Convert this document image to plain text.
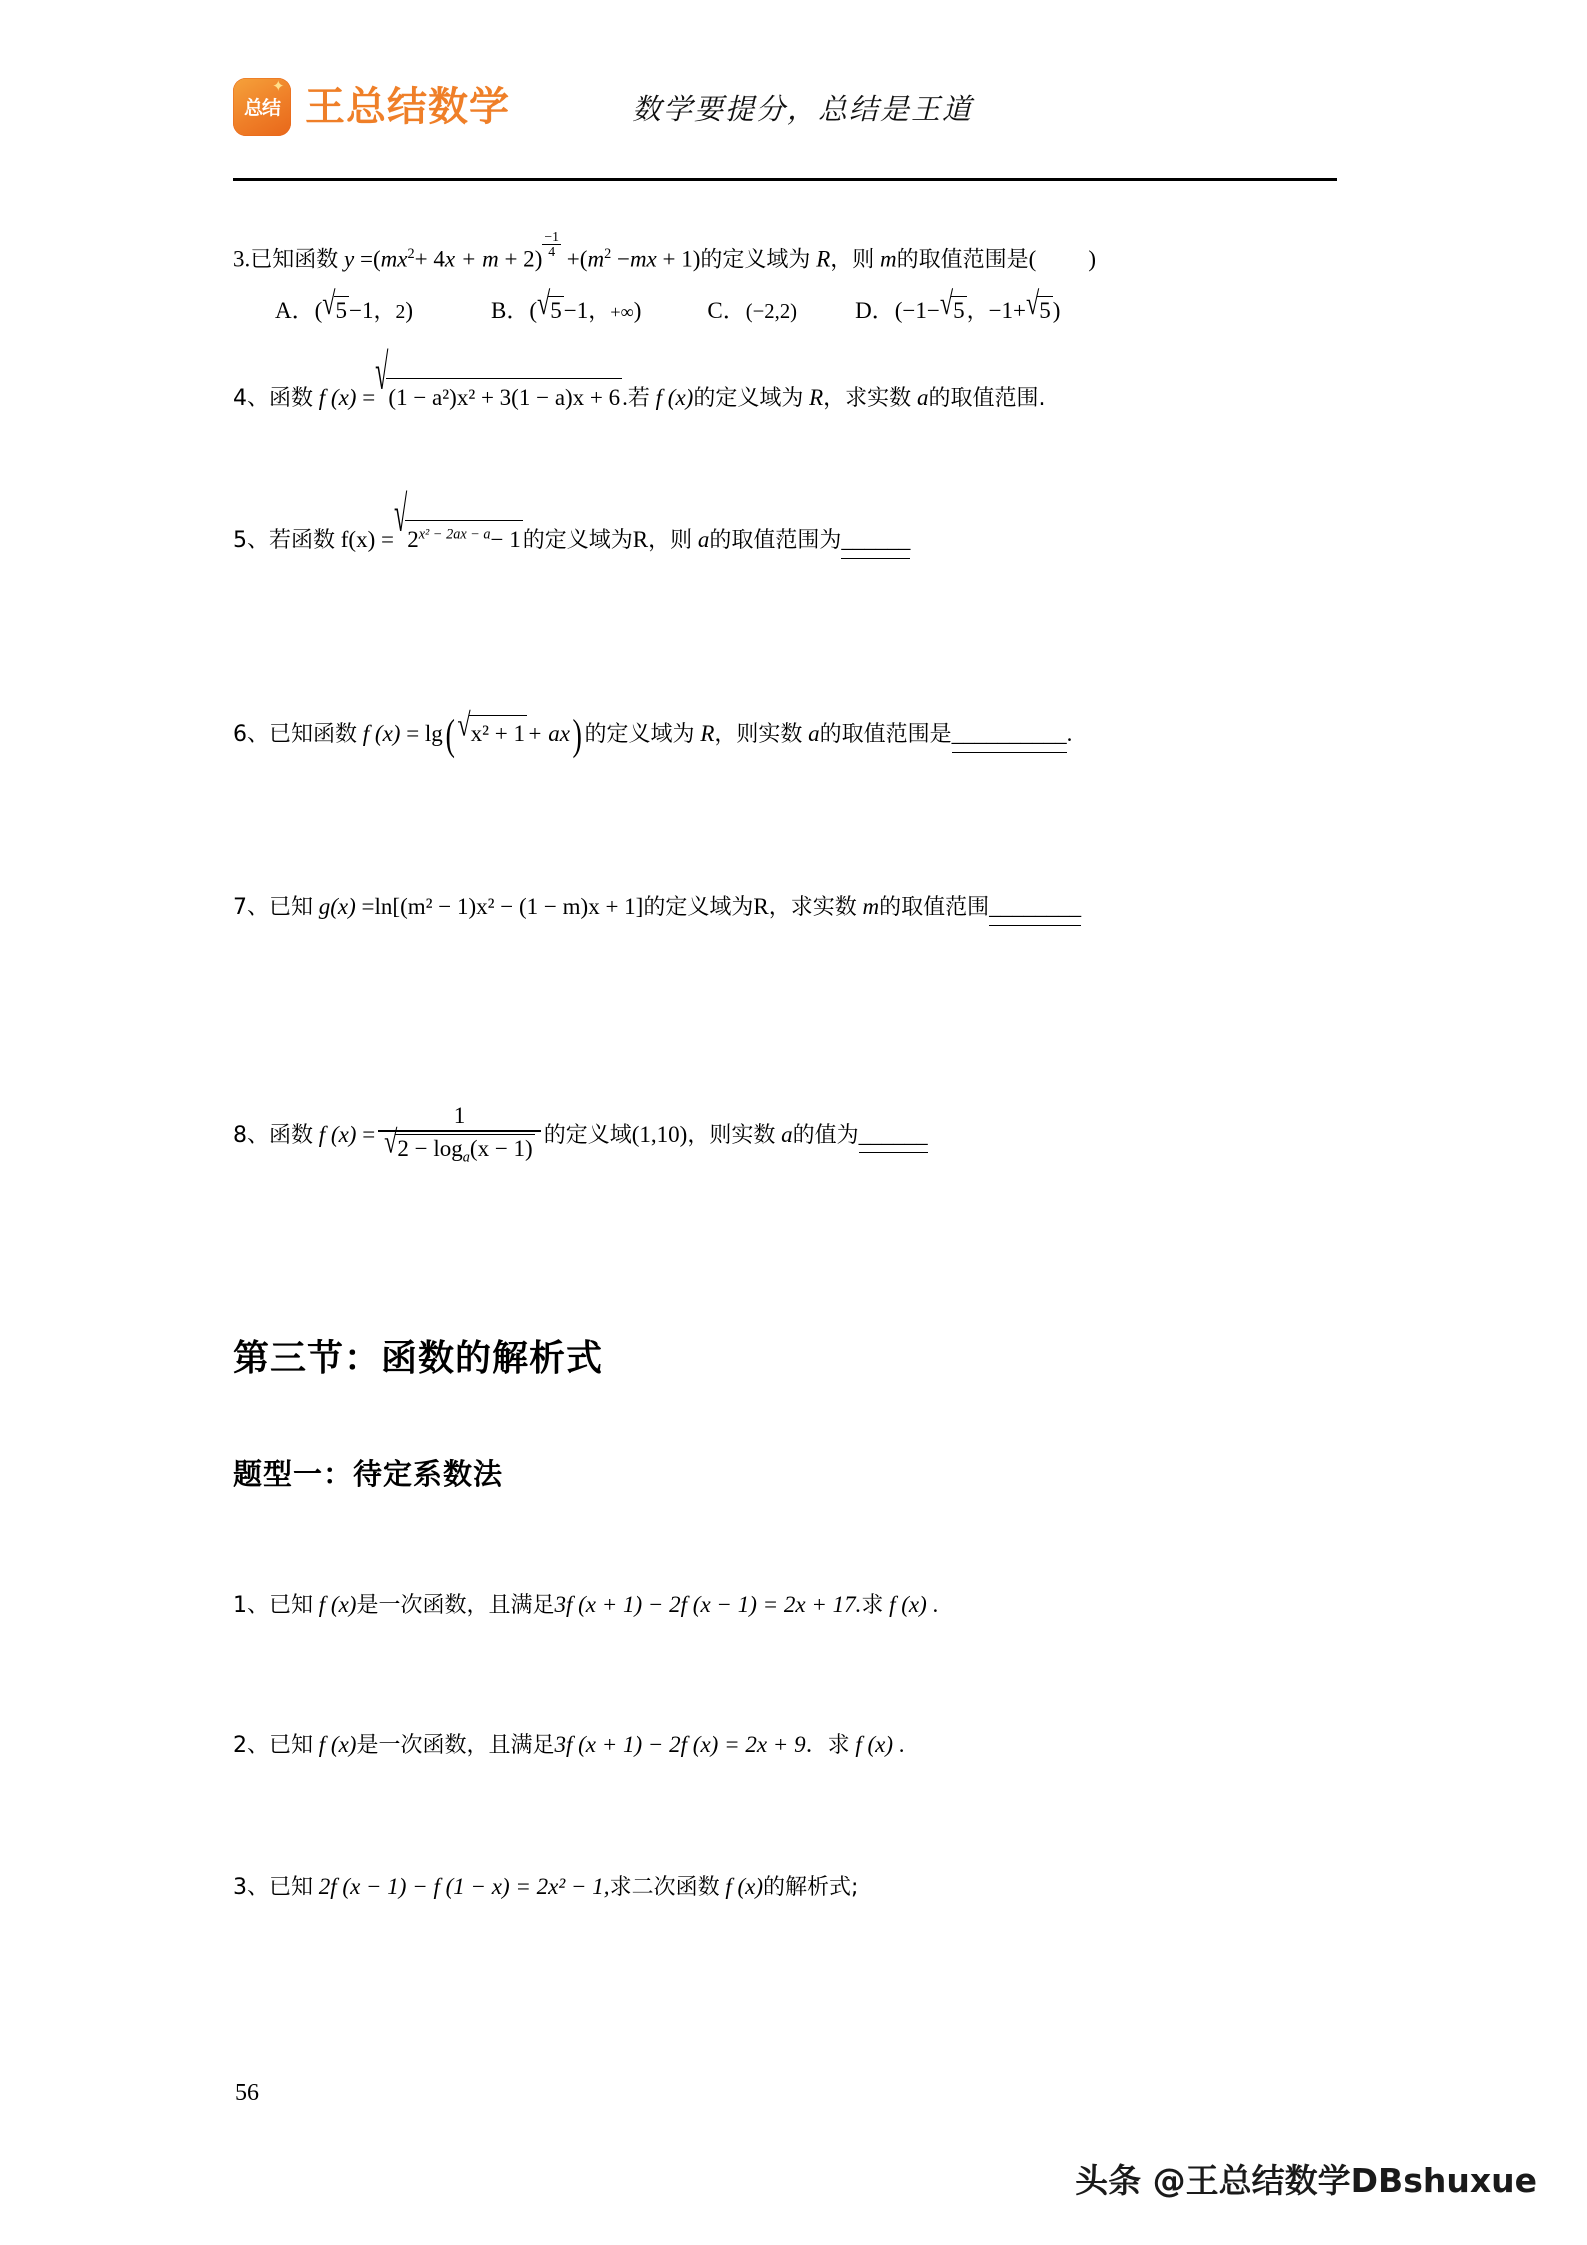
✦
总结 王总结数学	数学要提分，总结是王道
3.已知函数 $y =(mx^2+ 4x + m + 2)$
$\frac{-1}{4}$
$+(m^2 -mx + 1)$的定义域为 R，则 m的取值范围是( )
A．(√5−1，2)	B．(√5−1，+∞)	C．(−2,2)	D．(−1−√5，−1+√5)
4、函数 f (x) =√(1 − a²)x² + 3(1 − a)x + 6.若 f (x)的定义域为 R，求实数 a的取值范围.
5、若函数 $f(x) =√2^{x^2 - 2ax - a}- 1$的定义域为R，则 a的取值范围为______
6、已知函数 f (x) = lg( √x² + 1+ ax) 的定义域为 R，则实数 a的取值范围是__________.
7、已知 g(x) =ln[(m² − 1)x² − (1 − m)x + 1]的定义域为R，求实数 m的取值范围________
8、函数 f $(x) = \frac{1}{√2 - \log_a(x - 1)}$ 的定义域(1,10)，则实数 a的值为______
第三节：函数的解析式
题型一：待定系数法
1、已知 f (x)是一次函数，且满足3f (x + 1) − 2f (x − 1) = 2x + 17.求 f (x) .
2、已知 f (x)是一次函数，且满足3f (x + 1) − 2f (x) = 2x + 9．求 f (x) .
3、已知 2f (x − 1) − f (1 − x) = 2x² − 1,求二次函数 f (x)的解析式;
56
头条 @王总结数学DBshuxue
